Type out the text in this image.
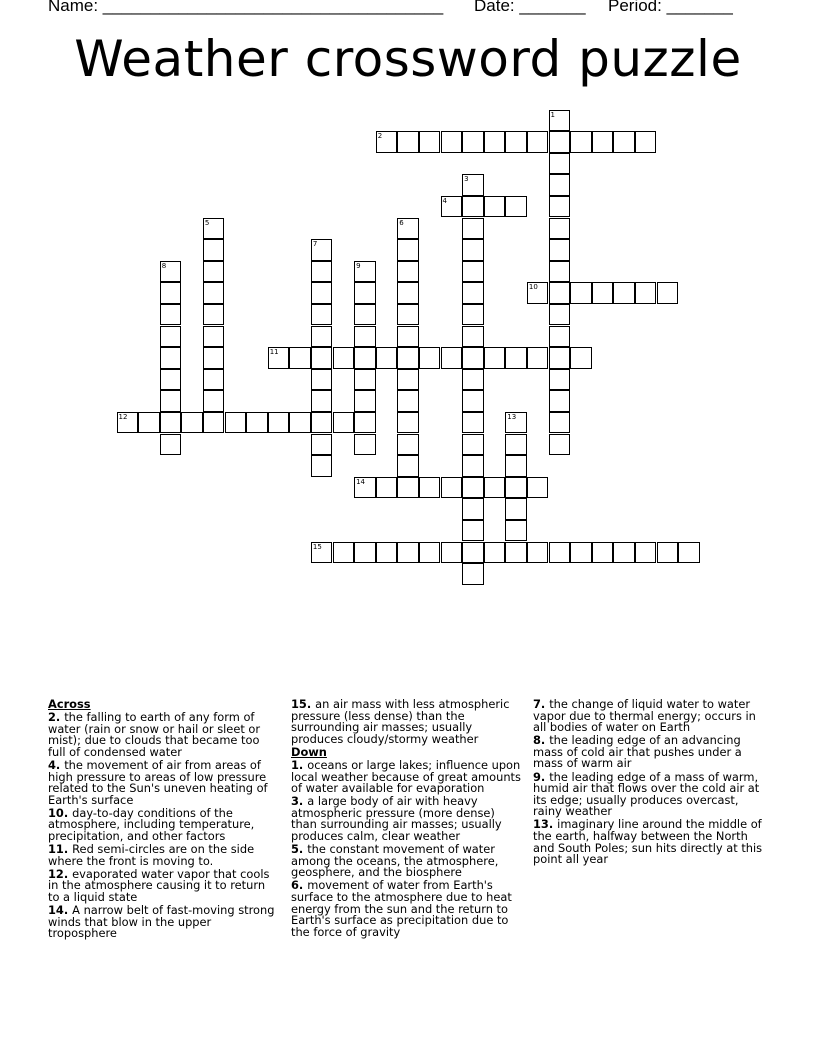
Name: ____________________________________

Date: _______

Period: _______

Weather crossword puzzle
1
2
3
4
5	6
7
8	9
10
11
12	13
14
15

Across

2. the falling to earth of any form of water (rain or snow or hail or sleet or mist); due to clouds that became too full of condensed water

4. the movement of air from areas of high pressure to areas of low pressure related to the Sun's uneven heating of Earth's surface

10. day-to-day conditions of the atmosphere, including temperature, precipitation, and other factors

11. Red semi-circles are on the side where the front is moving to.

12. evaporated water vapor that cools in the atmosphere causing it to return to a liquid state

14. A narrow belt of fast-moving strong winds that blow in the upper troposphere

15. an air mass with less atmospheric pressure (less dense) than the surrounding air masses; usually produces cloudy/stormy weather

Down

1. oceans or large lakes; influence upon local weather because of great amounts of water available for evaporation

3. a large body of air with heavy atmospheric pressure (more dense) than surrounding air masses; usually produces calm, clear weather

5. the constant movement of water among the oceans, the atmosphere, geosphere, and the biosphere

6. movement of water from Earth's surface to the atmosphere due to heat energy from the sun and the return to Earth's surface as precipitation due to the force of gravity

7. the change of liquid water to water vapor due to thermal energy; occurs in all bodies of water on Earth

8. the leading edge of an advancing mass of cold air that pushes under a mass of warm air

9. the leading edge of a mass of warm, humid air that flows over the cold air at its edge; usually produces overcast, rainy weather

13. imaginary line around the middle of the earth, halfway between the North and South Poles; sun hits directly at this point all year
